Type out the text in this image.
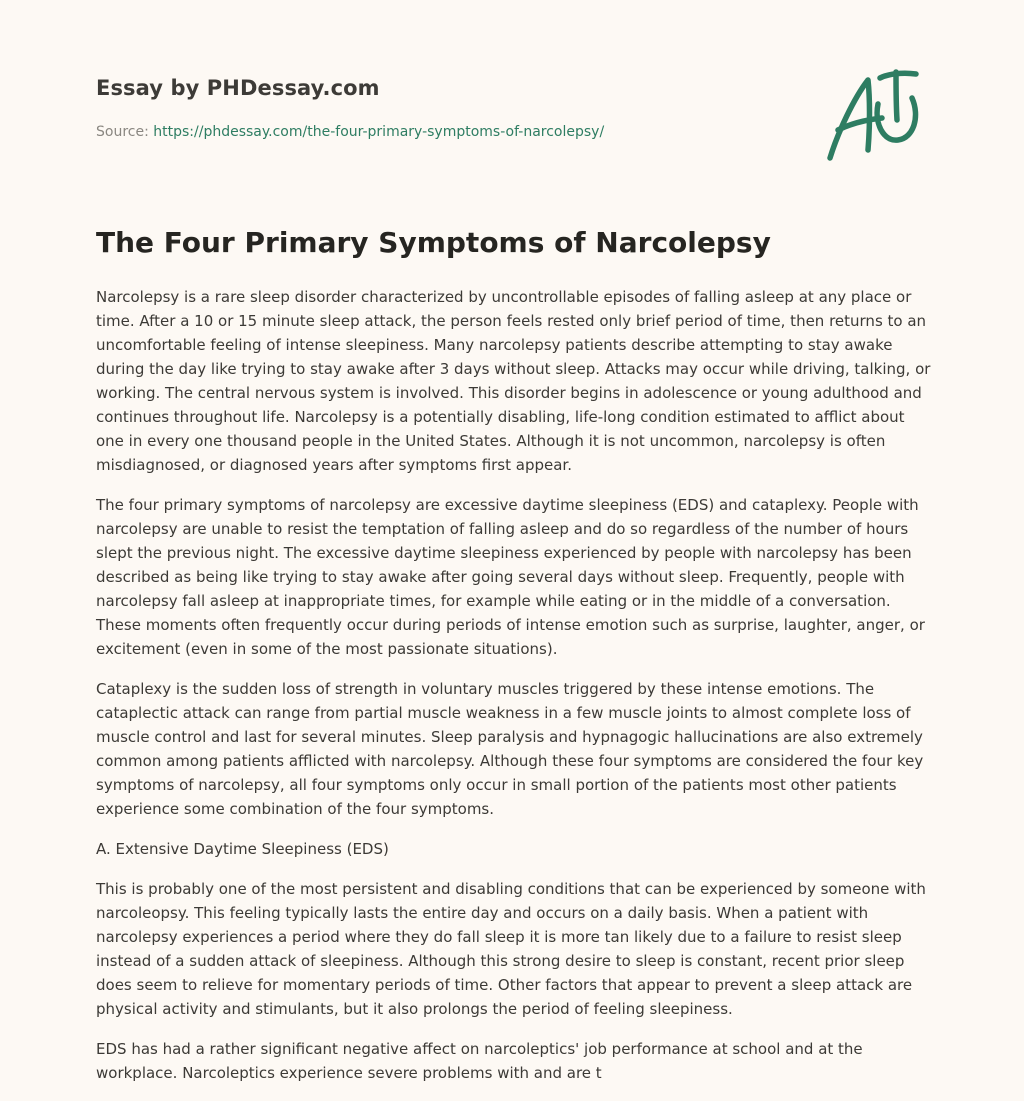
Essay by PHDessay.com
Source: https://phdessay.com/the-four-primary-symptoms-of-narcolepsy/
The Four Primary Symptoms of Narcolepsy

Narcolepsy is a rare sleep disorder characterized by uncontrollable episodes of falling asleep at any place or time. After a 10 or 15 minute sleep attack, the person feels rested only brief period of time, then returns to an uncomfortable feeling of intense sleepiness. Many narcolepsy patients describe attempting to stay awake during the day like trying to stay awake after 3 days without sleep. Attacks may occur while driving, talking, or working. The central nervous system is involved. This disorder begins in adolescence or young adulthood and continues throughout life. Narcolepsy is a potentially disabling, life-long condition estimated to afflict about one in every one thousand people in the United States. Although it is not uncommon, narcolepsy is often misdiagnosed, or diagnosed years after symptoms first appear.

The four primary symptoms of narcolepsy are excessive daytime sleepiness (EDS) and cataplexy. People with narcolepsy are unable to resist the temptation of falling asleep and do so regardless of the number of hours slept the previous night. The excessive daytime sleepiness experienced by people with narcolepsy has been described as being like trying to stay awake after going several days without sleep. Frequently, people with narcolepsy fall asleep at inappropriate times, for example while eating or in the middle of a conversation. These moments often frequently occur during periods of intense emotion such as surprise, laughter, anger, or excitement (even in some of the most passionate situations).

Cataplexy is the sudden loss of strength in voluntary muscles triggered by these intense emotions. The cataplectic attack can range from partial muscle weakness in a few muscle joints to almost complete loss of muscle control and last for several minutes. Sleep paralysis and hypnagogic hallucinations are also extremely common among patients afflicted with narcolepsy. Although these four symptoms are considered the four key symptoms of narcolepsy, all four symptoms only occur in small portion of the patients most other patients experience some combination of the four symptoms.

A. Extensive Daytime Sleepiness (EDS)

This is probably one of the most persistent and disabling conditions that can be experienced by someone with narcoleopsy. This feeling typically lasts the entire day and occurs on a daily basis. When a patient with narcolepsy experiences a period where they do fall sleep it is more tan likely due to a failure to resist sleep instead of a sudden attack of sleepiness. Although this strong desire to sleep is constant, recent prior sleep does seem to relieve for momentary periods of time. Other factors that appear to prevent a sleep attack are physical activity and stimulants, but it also prolongs the period of feeling sleepiness.

EDS has had a rather significant negative affect on narcoleptics' job performance at school and at the workplace. Narcoleptics experience severe problems with and are t
